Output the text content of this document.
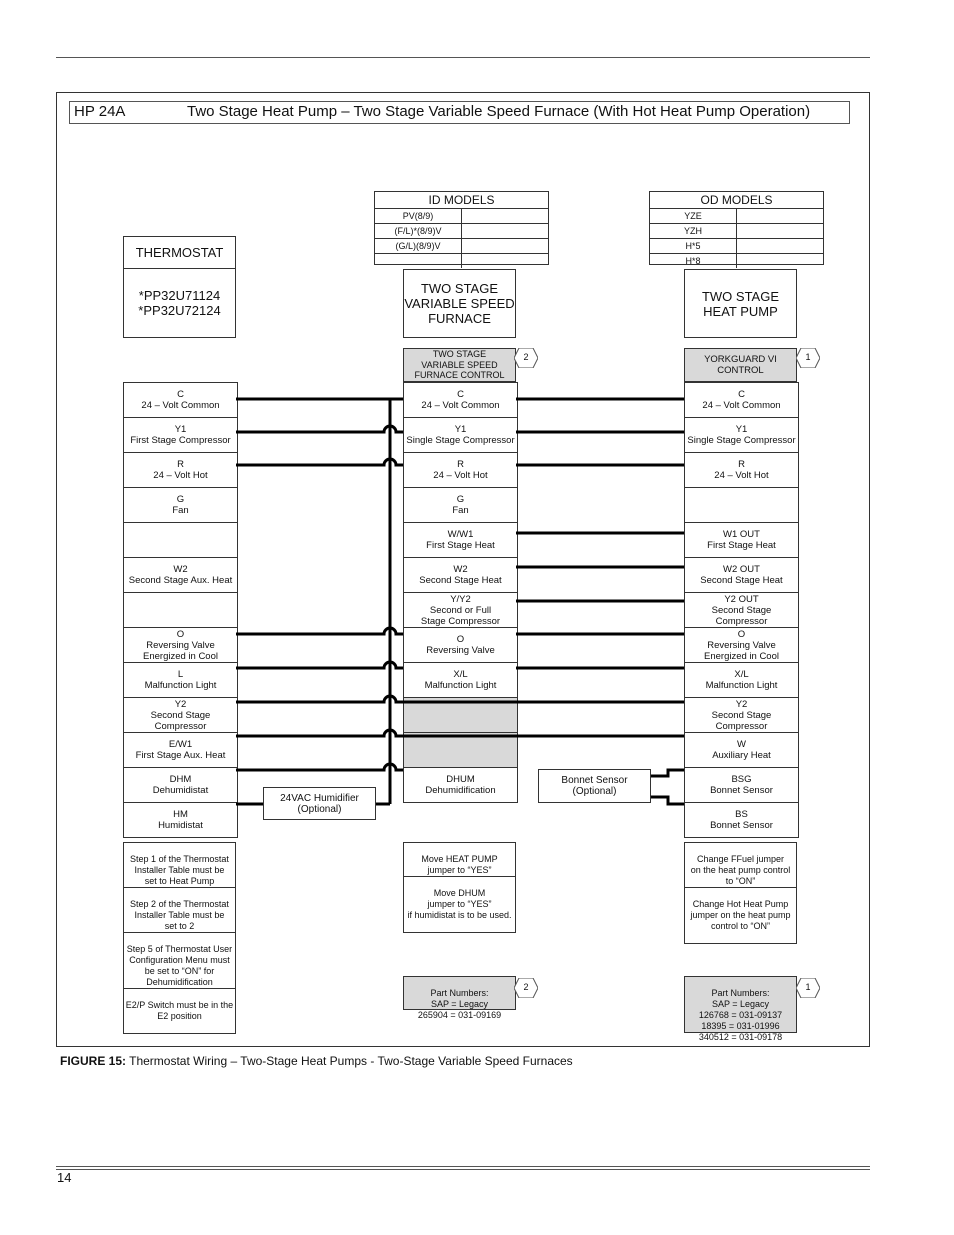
HP 24A	Two Stage Heat Pump – Two Stage Variable Speed Furnace (With Hot Heat Pump Operation)
ID MODELS
PV(8/9)
(F/L)*(8/9)V
(G/L)(8/9)V
OD MODELS
YZE
YZH
H*5
H*8
THERMOSTAT
*PP32U71124
*PP32U72124
TWO STAGE
VARIABLE SPEED
FURNACE
TWO STAGE
VARIABLE SPEED
FURNACE CONTROL
TWO STAGE
HEAT PUMP
YORKGUARD VI
CONTROL
2	1
C
24 – Volt Common
Y1
First Stage Compressor
R
24 – Volt Hot
G
Fan
W2
Second Stage Aux. Heat
O
Reversing Valve
Energized in Cool
L
Malfunction Light
Y2
Second Stage Compressor
E/W1
First Stage Aux. Heat
DHM
Dehumidistat
HM
Humidistat
C
24 – Volt Common
Y1
Single Stage Compressor
R
24 – Volt Hot
G
Fan
W/W1
First Stage Heat
W2
Second Stage Heat
Y/Y2
Second or Full
Stage Compressor
O
Reversing Valve
X/L
Malfunction Light
DHUM
Dehumidification
C
24 – Volt Common
Y1
Single Stage Compressor
R
24 – Volt Hot
W1 OUT
First Stage Heat
W2 OUT
Second Stage Heat
Y2 OUT
Second Stage Compressor
O
Reversing Valve
Energized in Cool
X/L
Malfunction Light
Y2
Second Stage Compressor
W
Auxiliary Heat
BSG
Bonnet Sensor
BS
Bonnet Sensor
24VAC Humidifier
(Optional)
Bonnet Sensor
(Optional)

Step 1 of the Thermostat
Installer Table must be
set to Heat Pump

Step 2 of the Thermostat
Installer Table must be
set to 2

Step 5 of Thermostat User
Configuration Menu must
be set to “ON” for
Dehumidification

E2/P Switch must be in the
E2 position

Move HEAT PUMP
jumper to “YES”

Move DHUM
jumper to “YES”
if humidistat is to be used.

Change FFuel jumper
on the heat pump control
to “ON”

Change Hot Heat Pump
jumper on the heat pump
control to “ON”

Part Numbers:
SAP = Legacy
265904 = 031-09169

2

Part Numbers:
SAP = Legacy
126768 = 031-09137
18395 = 031-01996
340512 = 031-09178

1
FIGURE 15: Thermostat Wiring – Two-Stage Heat Pumps - Two-Stage Variable Speed Furnaces
14
